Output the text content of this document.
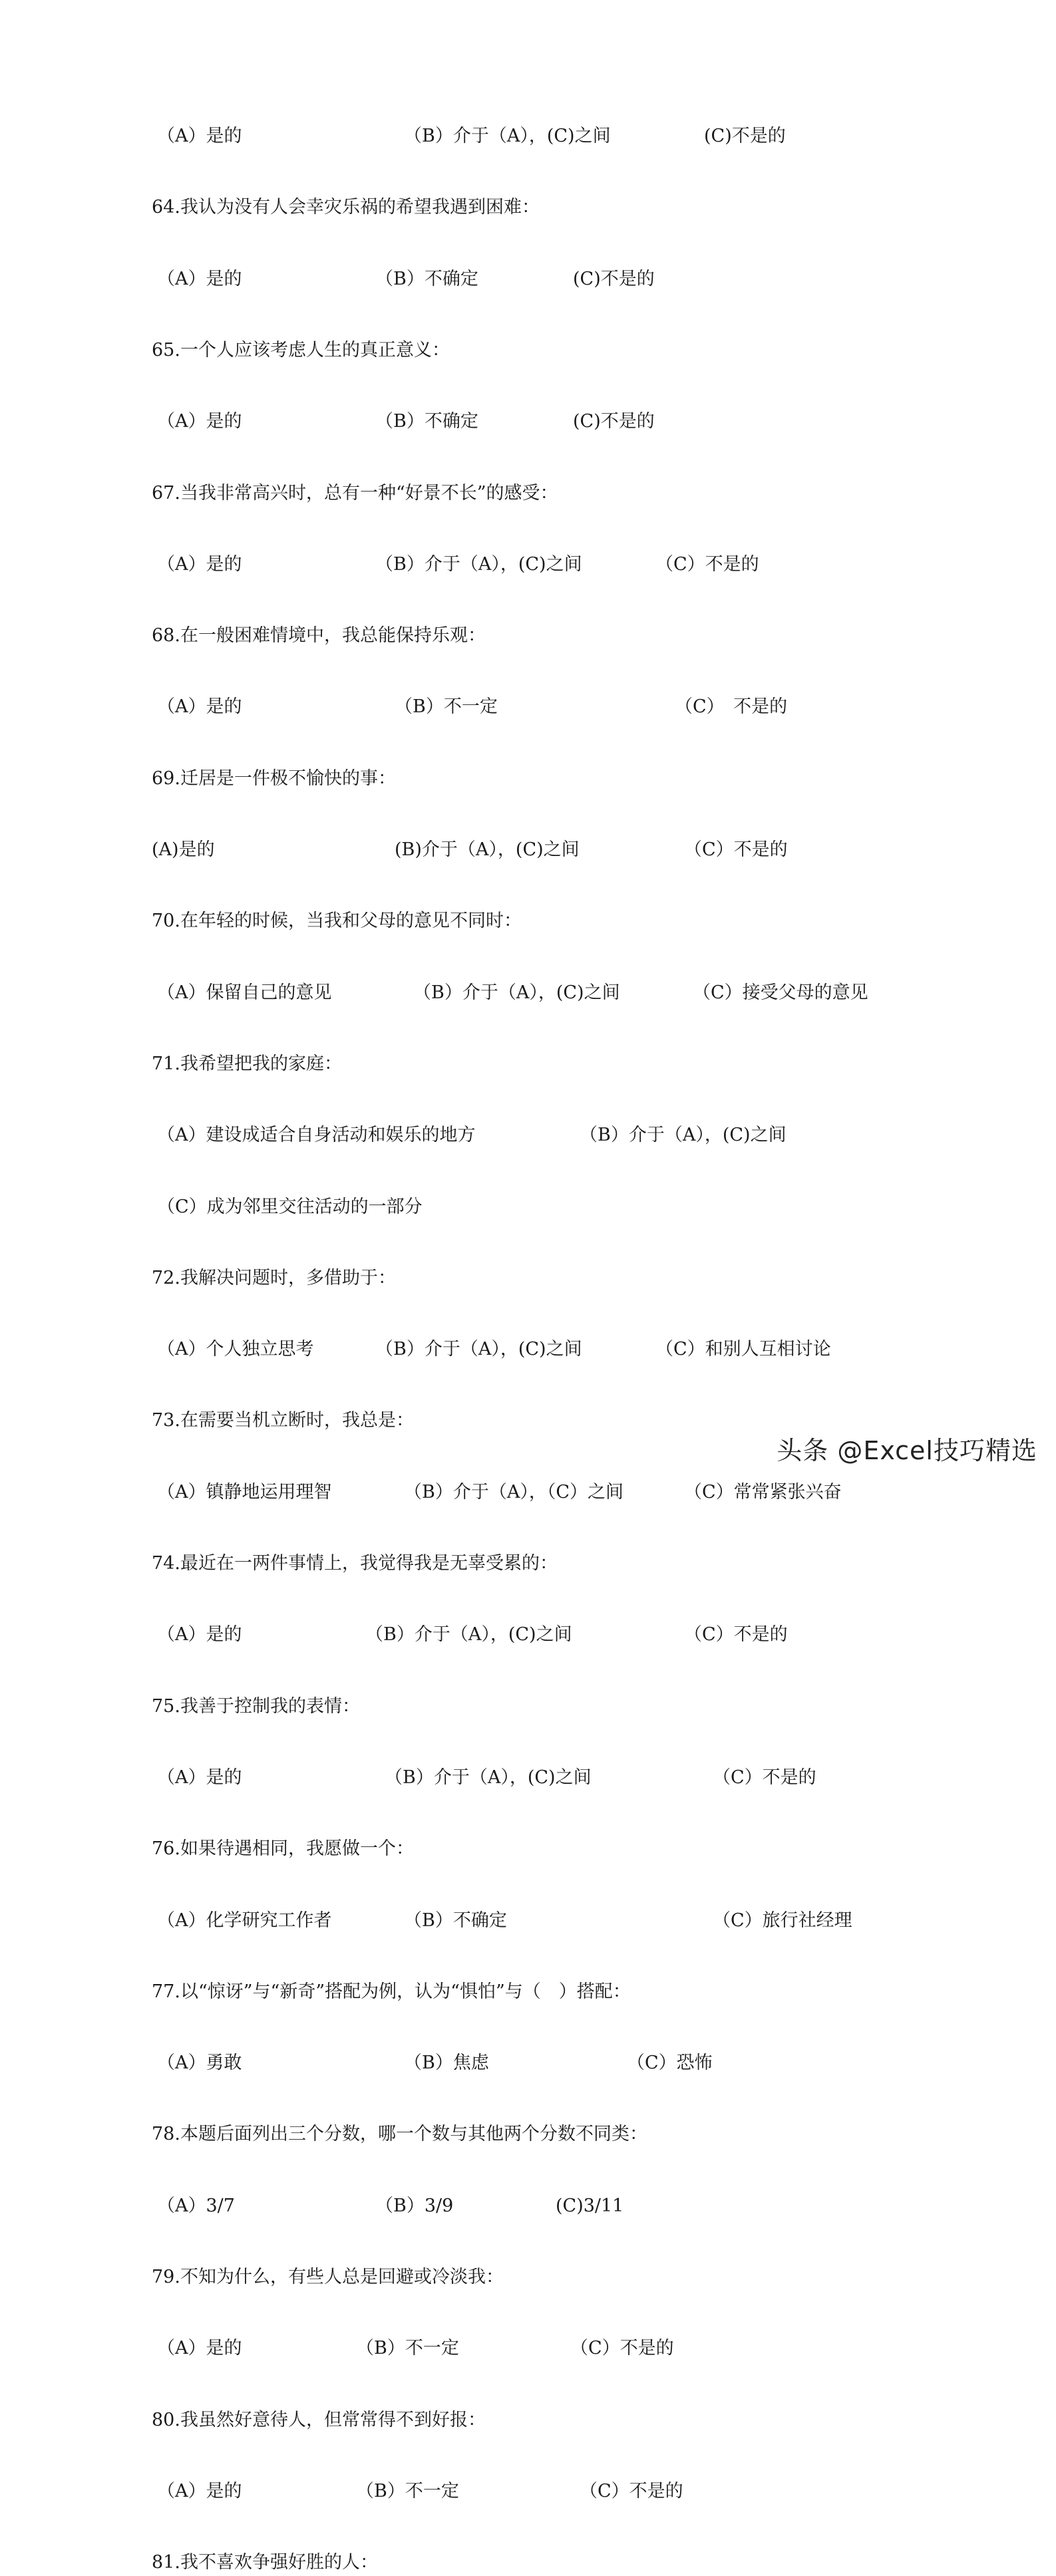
（A）是的	（B）介于（A），(C)之间	(C)不是的
64.我认为没有人会幸灾乐祸的希望我遇到困难：
（A）是的	（B）不确定	(C)不是的
65.一个人应该考虑人生的真正意义：
（A）是的	（B）不确定	(C)不是的
67.当我非常高兴时，总有一种“好景不长”的感受：
（A）是的	（B）介于（A），(C)之间	（C）不是的
68.在一般困难情境中，我总能保持乐观：
（A）是的	（B）不一定	（C）　不是的
69.迁居是一件极不愉快的事：
(A)是的	(B)介于（A），(C)之间	（C）不是的
70.在年轻的时候，当我和父母的意见不同时：
（A）保留自己的意见	（B）介于（A），(C)之间	（C）接受父母的意见
71.我希望把我的家庭：
（A）建设成适合自身活动和娱乐的地方	（B）介于（A），(C)之间
（C）成为邻里交往活动的一部分
72.我解决问题时，多借助于：
（A）个人独立思考	（B）介于（A），(C)之间	（C）和别人互相讨论
73.在需要当机立断时，我总是：
（A）镇静地运用理智	（B）介于（A），（C）之间	（C）常常紧张兴奋
74.最近在一两件事情上，我觉得我是无辜受累的：
（A）是的	（B）介于（A），(C)之间	（C）不是的
75.我善于控制我的表情：
（A）是的	（B）介于（A），(C)之间	（C）不是的
76.如果待遇相同，我愿做一个：
（A）化学研究工作者	（B）不确定	（C）旅行社经理
77.以“惊讶”与“新奇”搭配为例，认为“惧怕”与（　）搭配：
（A）勇敢	（B）焦虑	（C）恐怖
78.本题后面列出三个分数，哪一个数与其他两个分数不同类：
（A）3/7	（B）3/9	(C)3/11
79.不知为什么，有些人总是回避或冷淡我：
（A）是的	（B）不一定	（C）不是的
80.我虽然好意待人，但常常得不到好报：
（A）是的	（B）不一定	（C）不是的
81.我不喜欢争强好胜的人：
头条 @Excel技巧精选
